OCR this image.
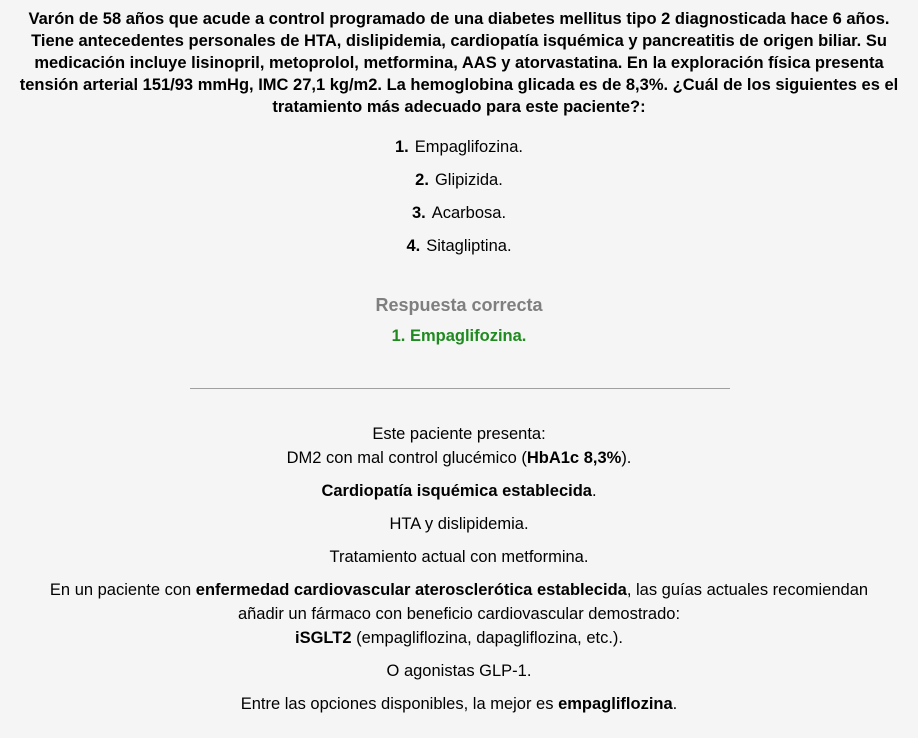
Varón de 58 años que acude a control programado de una diabetes mellitus tipo 2 diagnosticada hace 6 años. Tiene antecedentes personales de HTA, dislipidemia, cardiopatía isquémica y pancreatitis de origen biliar. Su medicación incluye lisinopril, metoprolol, metformina, AAS y atorvastatina. En la exploración física presenta tensión arterial 151/93 mmHg, IMC 27,1 kg/m2. La hemoglobina glicada es de 8,3%. ¿Cuál de los siguientes es el tratamiento más adecuado para este paciente?:
1. Empaglifozina.
2. Glipizida.
3. Acarbosa.
4. Sitagliptina.
Respuesta correcta
1. Empaglifozina.
Este paciente presenta:
DM2 con mal control glucémico (HbA1c 8,3%).
Cardiopatía isquémica establecida.
HTA y dislipidemia.
Tratamiento actual con metformina.
En un paciente con enfermedad cardiovascular aterosclerótica establecida, las guías actuales recomiendan
añadir un fármaco con beneficio cardiovascular demostrado:
iSGLT2 (empagliflozina, dapagliflozina, etc.).
O agonistas GLP-1.
Entre las opciones disponibles, la mejor es empagliflozina.
